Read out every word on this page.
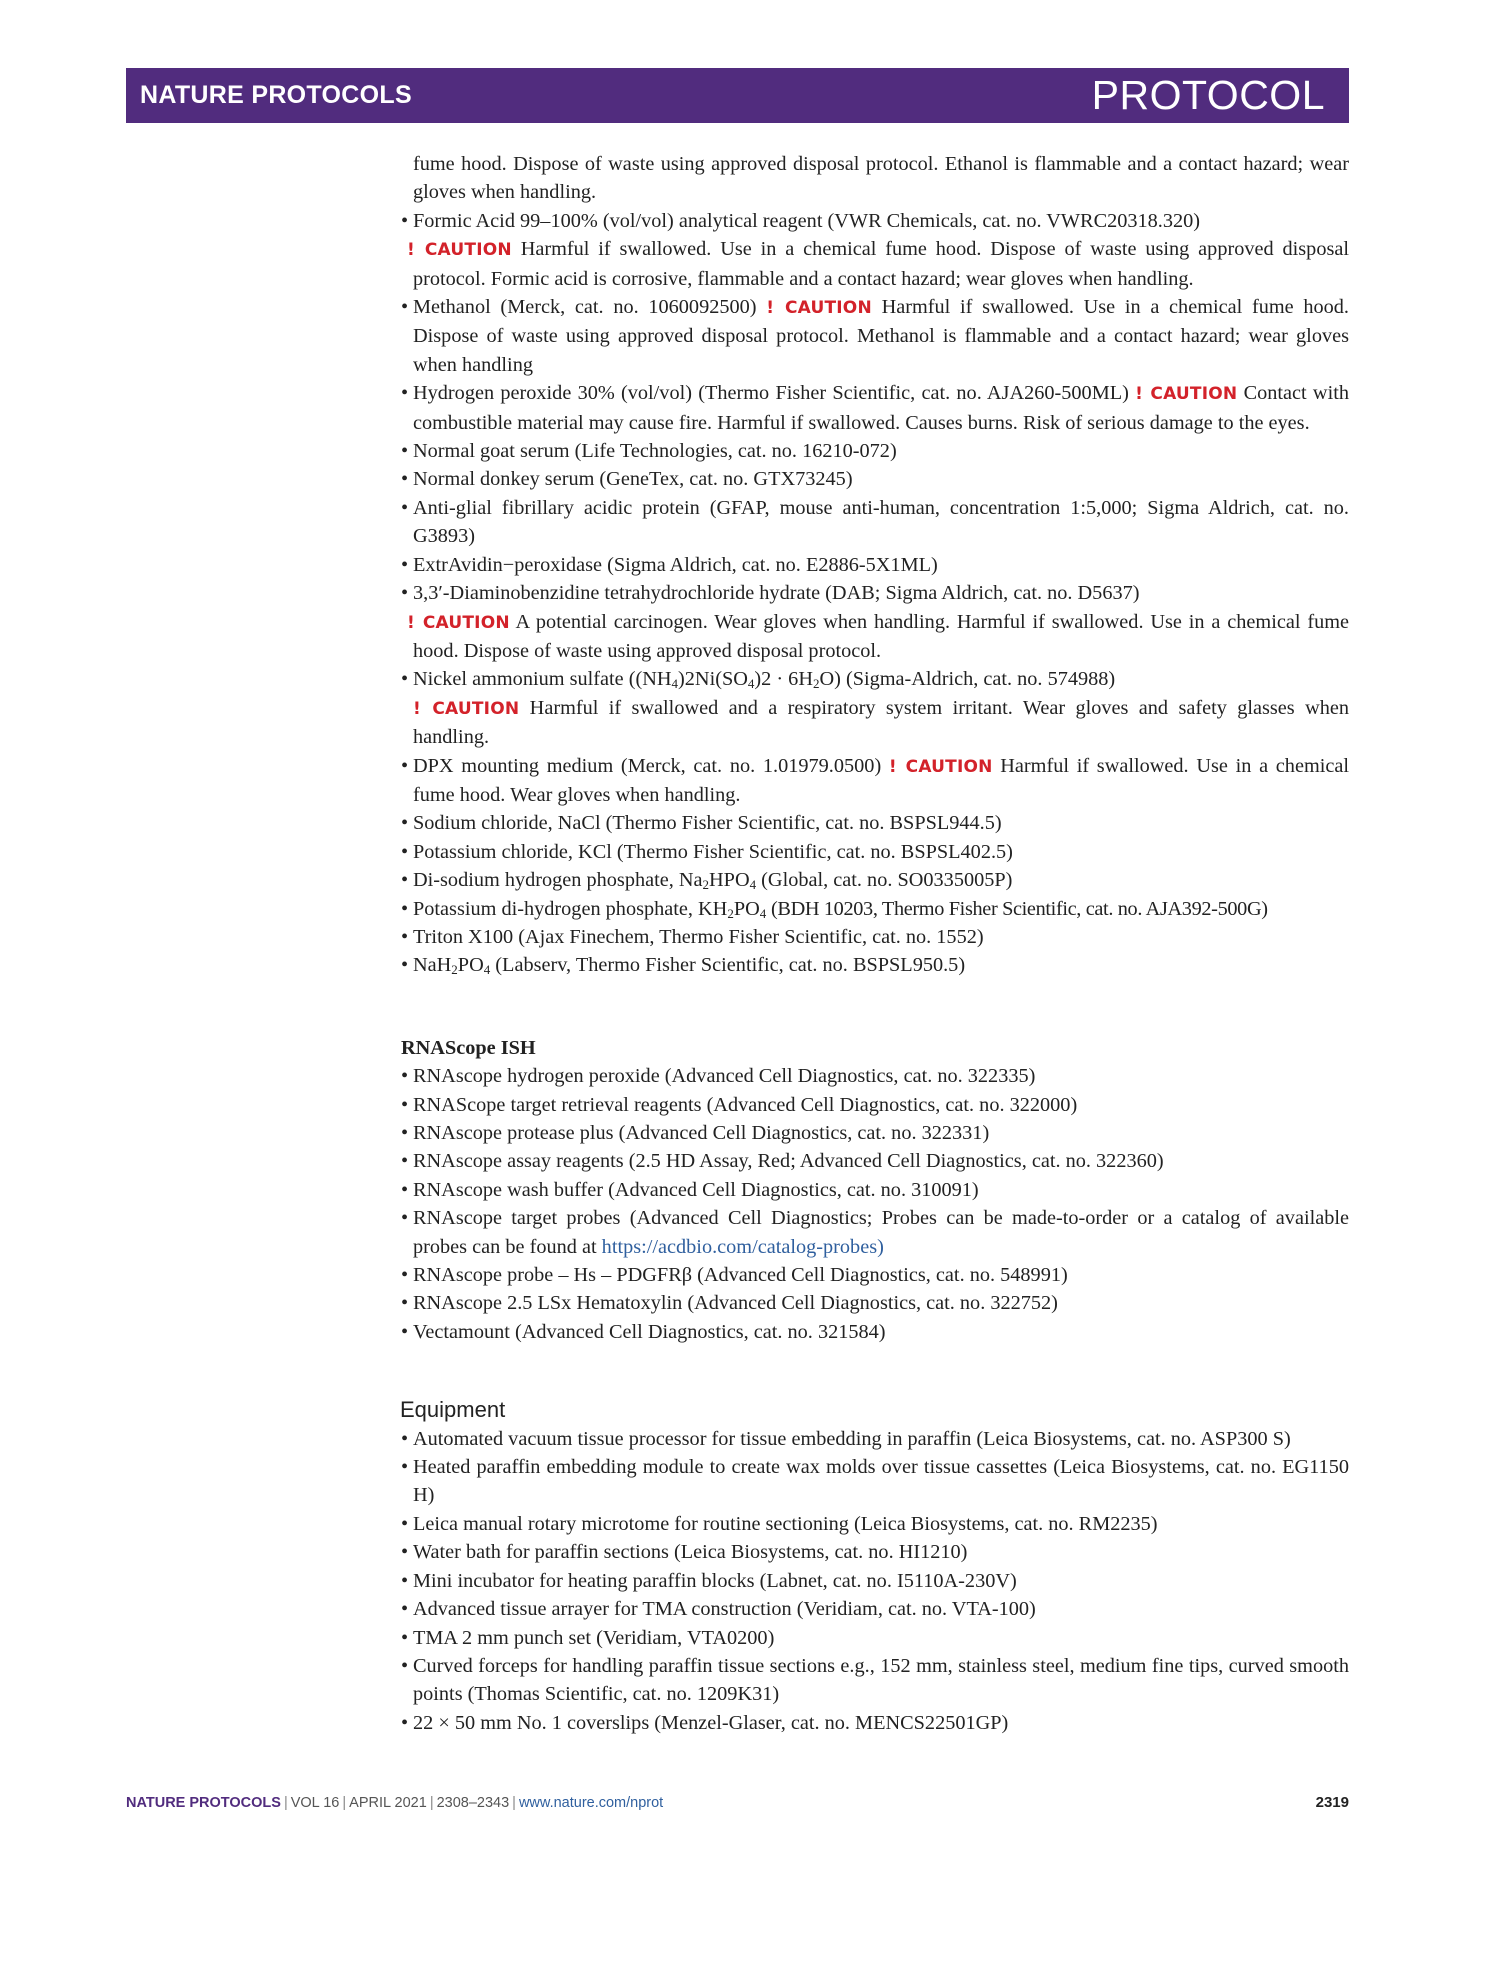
NATURE PROTOCOLS	PROTOCOL
fume hood. Dispose of waste using approved disposal protocol. Ethanol is flammable and a contact hazard; wear gloves when handling.
• Formic Acid 99–100% (vol/vol) analytical reagent (VWR Chemicals, cat. no. VWRC20318.320)
! CAUTION Harmful if swallowed. Use in a chemical fume hood. Dispose of waste using approved disposal protocol. Formic acid is corrosive, flammable and a contact hazard; wear gloves when handling.
• Methanol (Merck, cat. no. 1060092500) ! CAUTION Harmful if swallowed. Use in a chemical fume hood. Dispose of waste using approved disposal protocol. Methanol is flammable and a contact hazard; wear gloves when handling
• Hydrogen peroxide 30% (vol/vol) (Thermo Fisher Scientific, cat. no. AJA260-500ML) ! CAUTION Contact with combustible material may cause fire. Harmful if swallowed. Causes burns. Risk of serious damage to the eyes.
• Normal goat serum (Life Technologies, cat. no. 16210-072)
• Normal donkey serum (GeneTex, cat. no. GTX73245)
• Anti-glial fibrillary acidic protein (GFAP, mouse anti-human, concentration 1:5,000; Sigma Aldrich, cat. no. G3893)
• ExtrAvidin−peroxidase (Sigma Aldrich, cat. no. E2886-5X1ML)
• 3,3′-Diaminobenzidine tetrahydrochloride hydrate (DAB; Sigma Aldrich, cat. no. D5637)
! CAUTION A potential carcinogen. Wear gloves when handling. Harmful if swallowed. Use in a chemical fume hood. Dispose of waste using approved disposal protocol.
• Nickel ammonium sulfate $((NH_4)2Ni(SO_4)2 \cdot 6H_2O)$ (Sigma-Aldrich, cat. no. 574988)
! CAUTION Harmful if swallowed and a respiratory system irritant. Wear gloves and safety glasses when handling.
• DPX mounting medium (Merck, cat. no. 1.01979.0500) ! CAUTION Harmful if swallowed. Use in a chemical fume hood. Wear gloves when handling.
• Sodium chloride, NaCl (Thermo Fisher Scientific, cat. no. BSPSL944.5)
• Potassium chloride, KCl (Thermo Fisher Scientific, cat. no. BSPSL402.5)
• Di-sodium hydrogen phosphate, $Na_2HPO_4$ (Global, cat. no. SO0335005P)
• Potassium di-hydrogen phosphate, $KH_2PO_4$ (BDH 10203, Thermo Fisher Scientific, cat. no. AJA392-500G)
• Triton X100 (Ajax Finechem, Thermo Fisher Scientific, cat. no. 1552)
• $NaH_2PO_4$ (Labserv, Thermo Fisher Scientific, cat. no. BSPSL950.5)
RNAScope ISH
• RNAscope hydrogen peroxide (Advanced Cell Diagnostics, cat. no. 322335)
• RNAScope target retrieval reagents (Advanced Cell Diagnostics, cat. no. 322000)
• RNAscope protease plus (Advanced Cell Diagnostics, cat. no. 322331)
• RNAscope assay reagents (2.5 HD Assay, Red; Advanced Cell Diagnostics, cat. no. 322360)
• RNAscope wash buffer (Advanced Cell Diagnostics, cat. no. 310091)
• RNAscope target probes (Advanced Cell Diagnostics; Probes can be made-to-order or a catalog of available probes can be found at https://acdbio.com/catalog-probes)
• RNAscope probe – Hs – PDGFRβ (Advanced Cell Diagnostics, cat. no. 548991)
• RNAscope 2.5 LSx Hematoxylin (Advanced Cell Diagnostics, cat. no. 322752)
• Vectamount (Advanced Cell Diagnostics, cat. no. 321584)
Equipment
• Automated vacuum tissue processor for tissue embedding in paraffin (Leica Biosystems, cat. no. ASP300 S)
• Heated paraffin embedding module to create wax molds over tissue cassettes (Leica Biosystems, cat. no. EG1150 H)
• Leica manual rotary microtome for routine sectioning (Leica Biosystems, cat. no. RM2235)
• Water bath for paraffin sections (Leica Biosystems, cat. no. HI1210)
• Mini incubator for heating paraffin blocks (Labnet, cat. no. I5110A-230V)
• Advanced tissue arrayer for TMA construction (Veridiam, cat. no. VTA-100)
• TMA 2 mm punch set (Veridiam, VTA0200)
• Curved forceps for handling paraffin tissue sections e.g., 152 mm, stainless steel, medium fine tips, curved smooth points (Thomas Scientific, cat. no. 1209K31)
• 22 × 50 mm No. 1 coverslips (Menzel-Glaser, cat. no. MENCS22501GP)
NATURE PROTOCOLS | VOL 16 | APRIL 2021 | 2308–2343 | www.nature.com/nprot	2319
